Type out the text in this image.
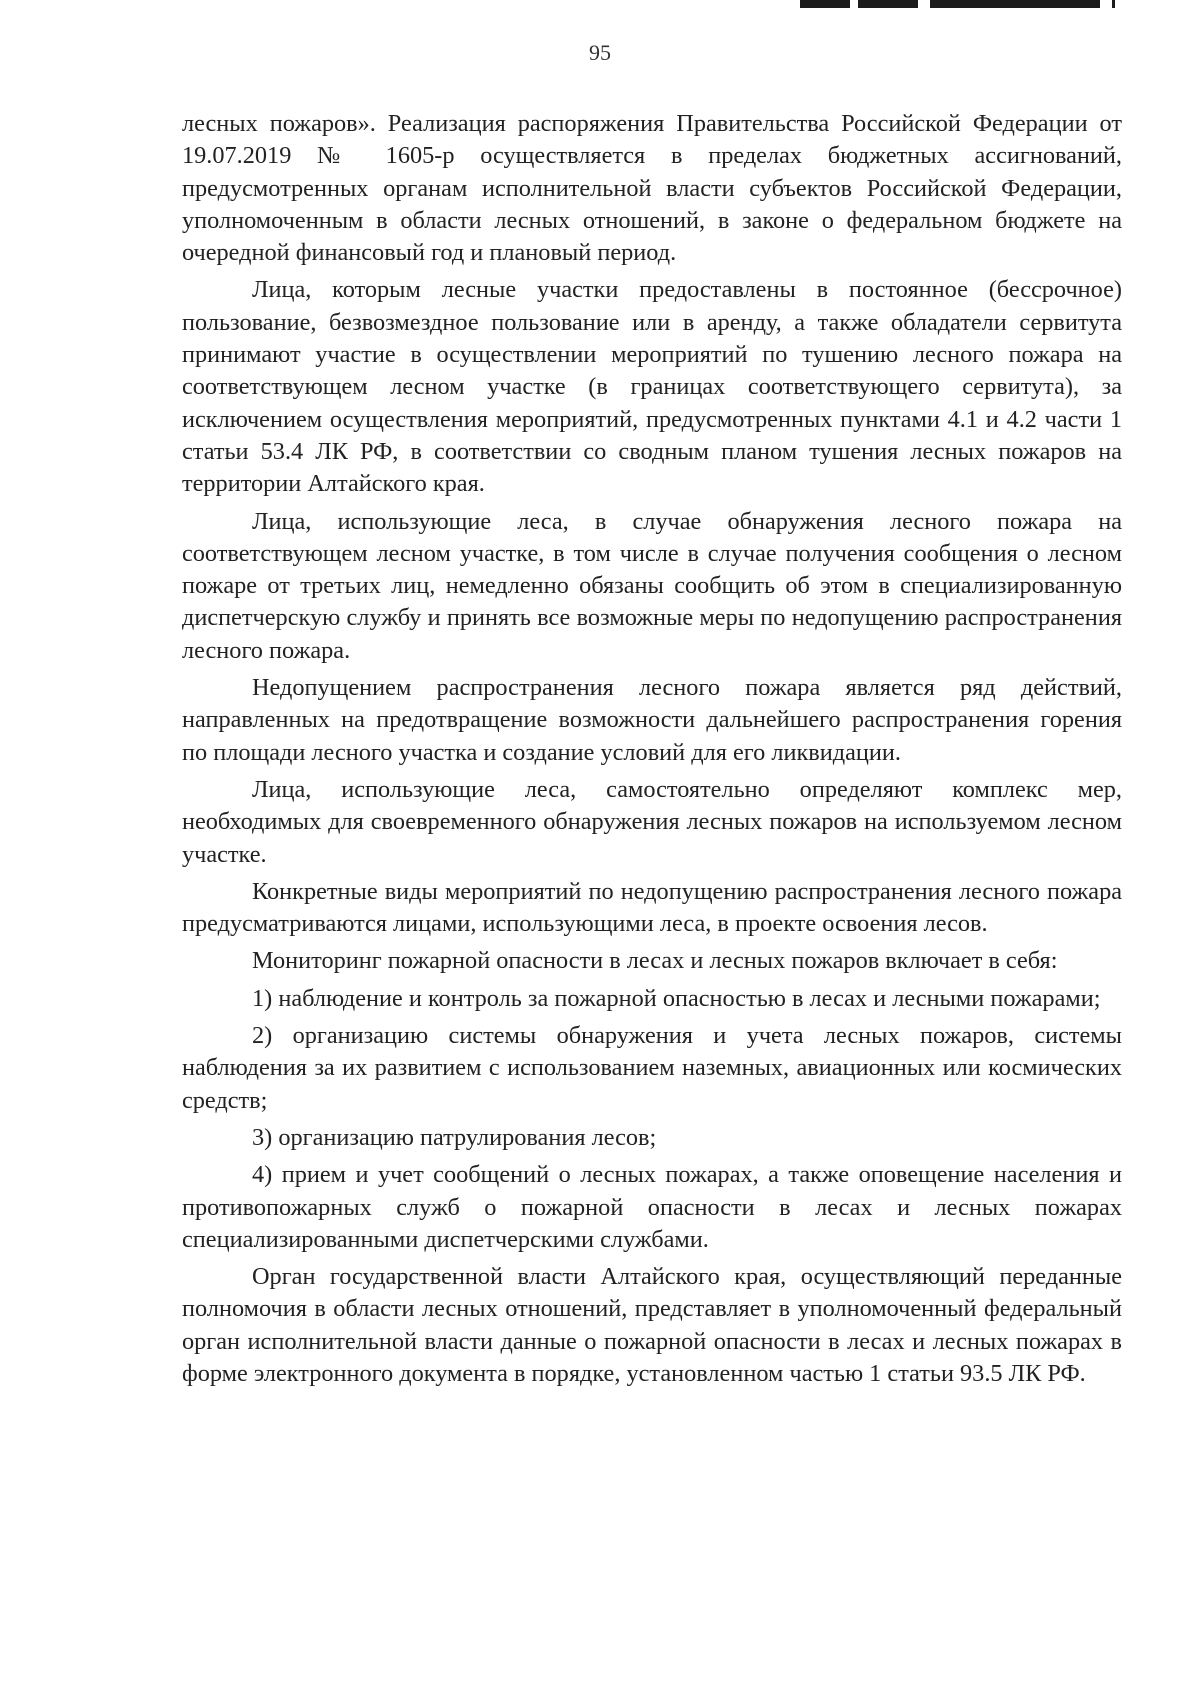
95

лесных пожаров». Реализация распоряжения Правительства Российской Федерации от 19.07.2019 № 1605-р осуществляется в пределах бюджетных ассигнований, предусмотренных органам исполнительной власти субъектов Российской Федерации, уполномоченным в области лесных отношений, в законе о федеральном бюджете на очередной финансовый год и плановый период.

Лица, которым лесные участки предоставлены в постоянное (бессрочное) пользование, безвозмездное пользование или в аренду, а также обладатели сервитута принимают участие в осуществлении мероприятий по тушению лесного пожара на соответствующем лесном участке (в границах соответствующего сервитута), за исключением осуществления мероприятий, предусмотренных пунктами 4.1 и 4.2 части 1 статьи 53.4 ЛК РФ, в соответствии со сводным планом тушения лесных пожаров на территории Алтайского края.

Лица, использующие леса, в случае обнаружения лесного пожара на соответствующем лесном участке, в том числе в случае получения сообщения о лесном пожаре от третьих лиц, немедленно обязаны сообщить об этом в специализированную диспетчерскую службу и принять все возможные меры по недопущению распространения лесного пожара.

Недопущением распространения лесного пожара является ряд действий, направленных на предотвращение возможности дальнейшего распространения горения по площади лесного участка и создание условий для его ликвидации.

Лица, использующие леса, самостоятельно определяют комплекс мер, необходимых для своевременного обнаружения лесных пожаров на используемом лесном участке.

Конкретные виды мероприятий по недопущению распространения лесного пожара предусматриваются лицами, использующими леса, в проекте освоения лесов.

Мониторинг пожарной опасности в лесах и лесных пожаров включает в себя:

1) наблюдение и контроль за пожарной опасностью в лесах и лесными пожарами;

2) организацию системы обнаружения и учета лесных пожаров, системы наблюдения за их развитием с использованием наземных, авиационных или космических средств;

3) организацию патрулирования лесов;

4) прием и учет сообщений о лесных пожарах, а также оповещение населения и противопожарных служб о пожарной опасности в лесах и лесных пожарах специализированными диспетчерскими службами.

Орган государственной власти Алтайского края, осуществляющий переданные полномочия в области лесных отношений, представляет в уполномоченный федеральный орган исполнительной власти данные о пожарной опасности в лесах и лесных пожарах в форме электронного документа в порядке, установленном частью 1 статьи 93.5 ЛК РФ.
